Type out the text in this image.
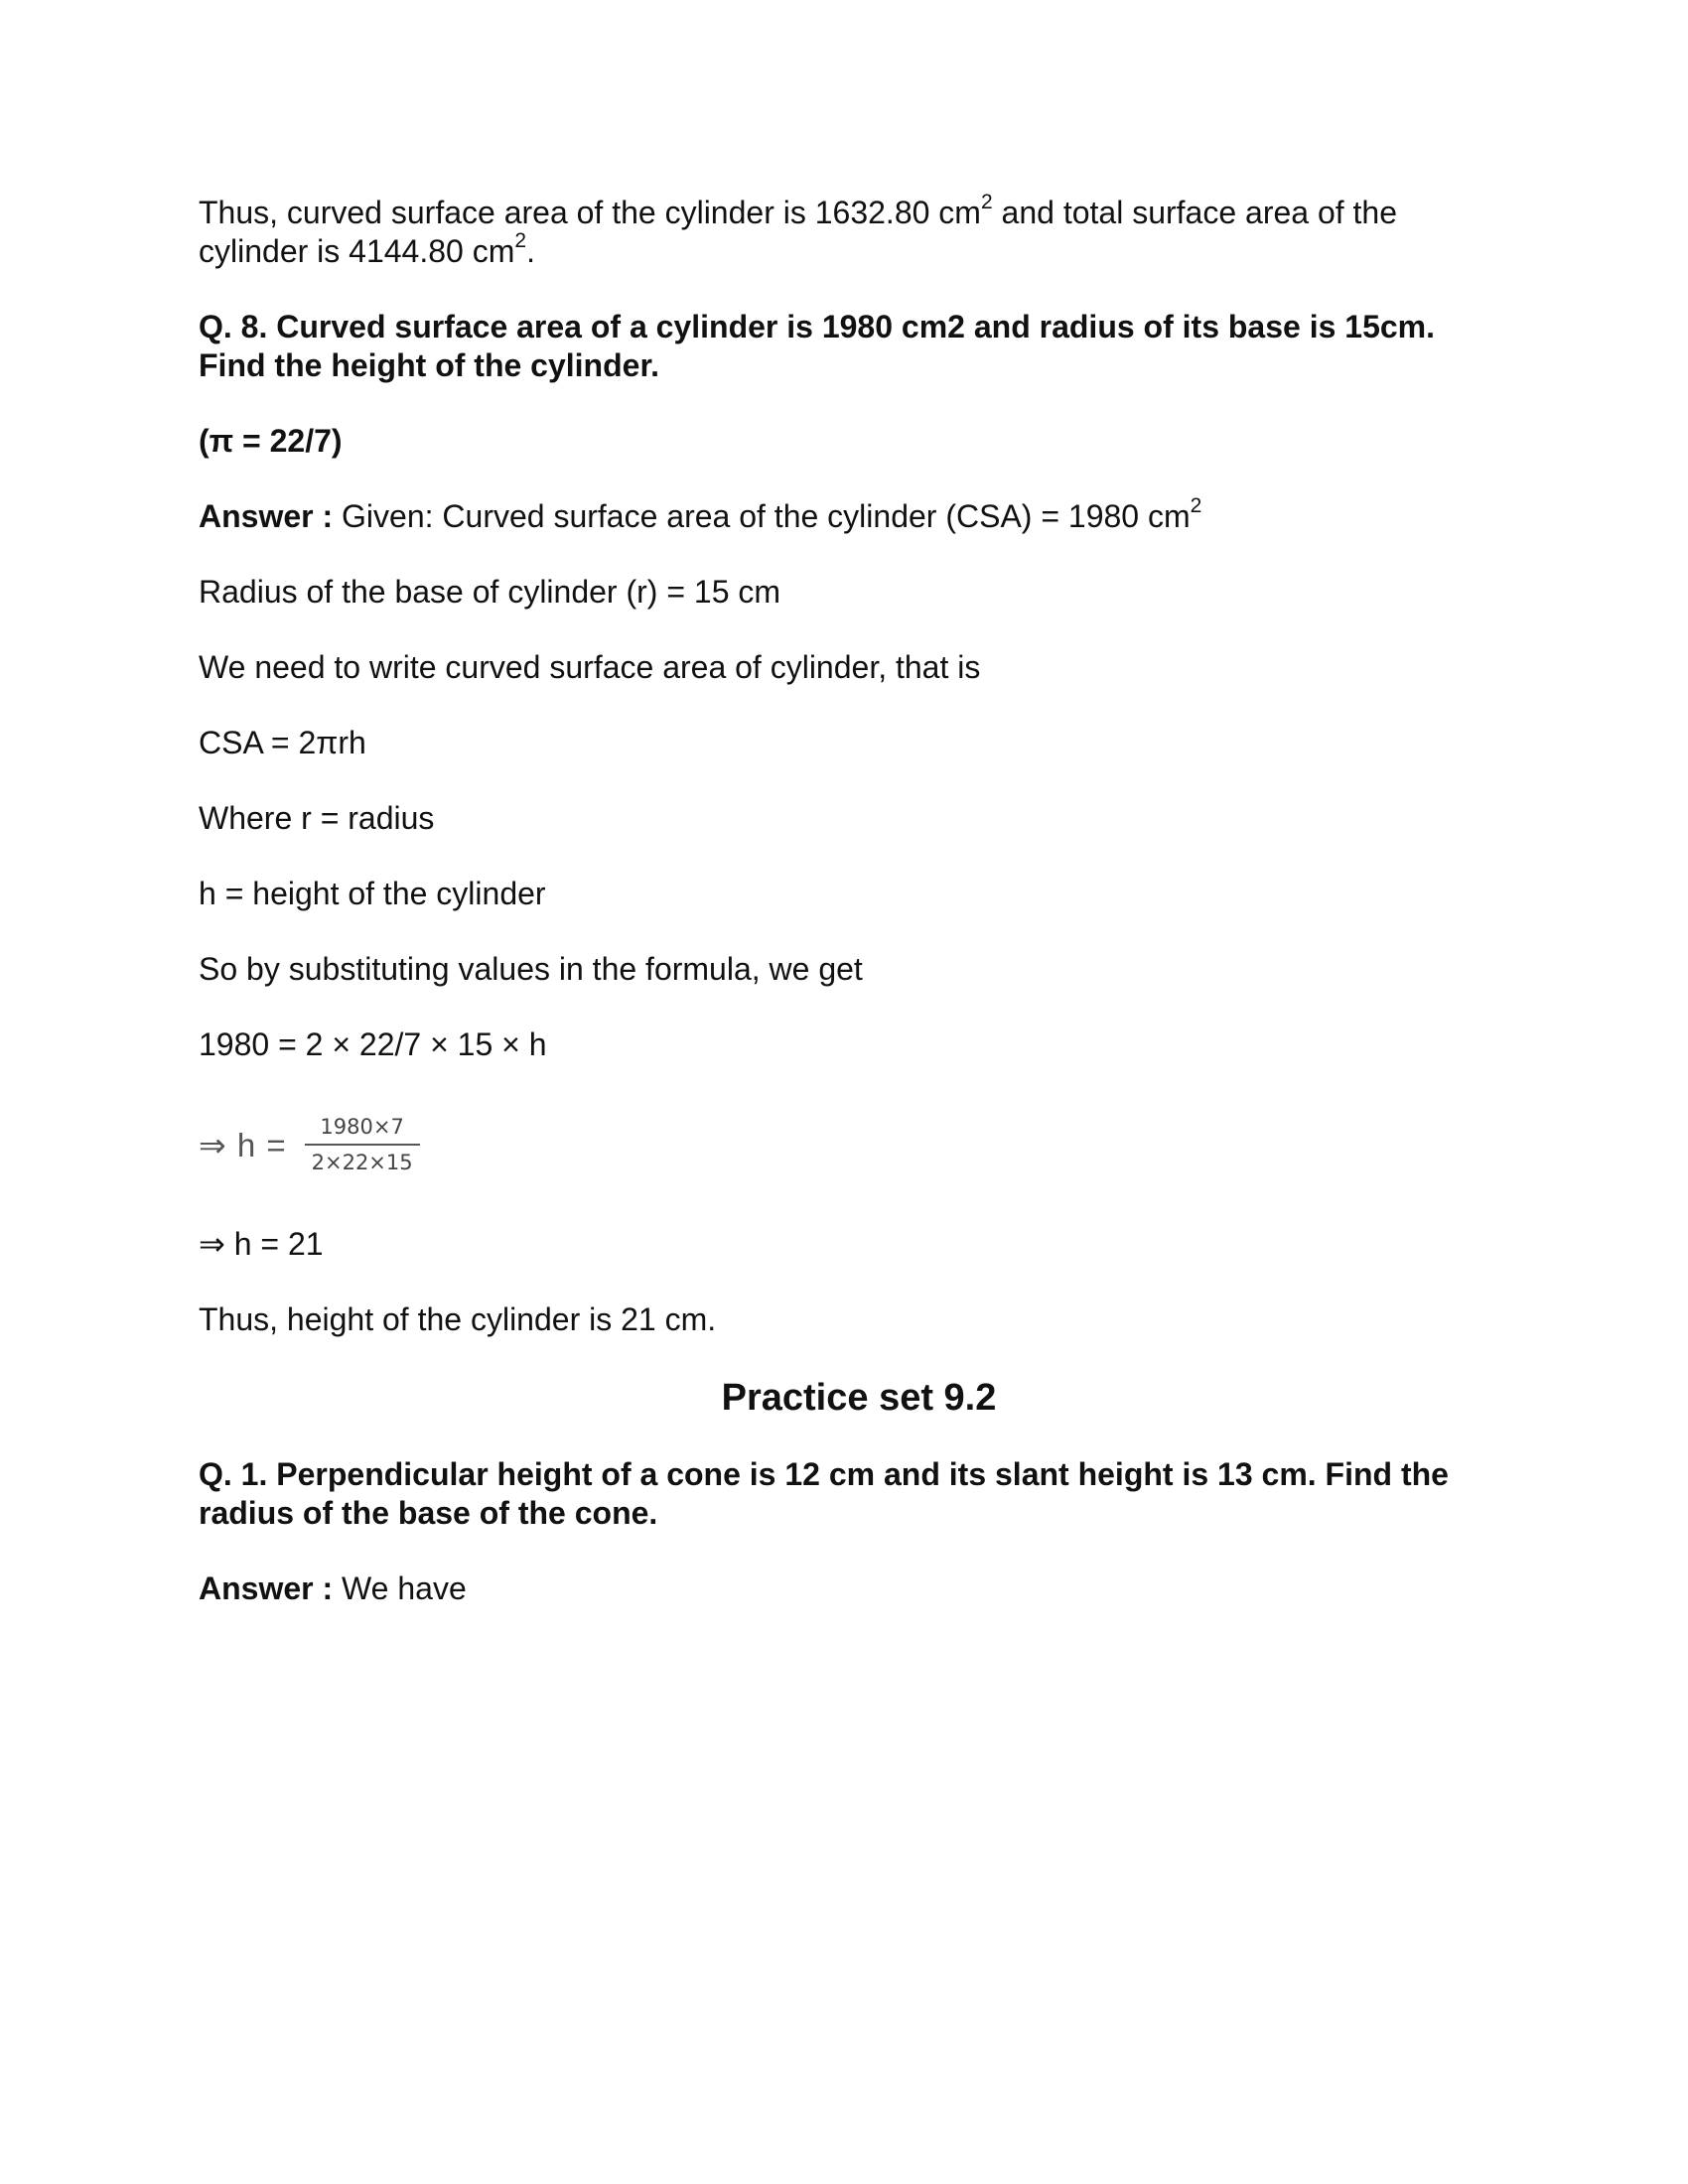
Thus, curved surface area of the cylinder is 1632.80 $cm^2$ and total surface area of the cylinder is 4144.80 $cm^2$.

Q. 8. Curved surface area of a cylinder is 1980 cm2 and radius of its base is 15cm. Find the height of the cylinder.

(π = 22/7)

Answer : Given: Curved surface area of the cylinder (CSA) = 1980 $cm^2$

Radius of the base of cylinder (r) = 15 cm

We need to write curved surface area of cylinder, that is

CSA = 2πrh

Where r = radius

h = height of the cylinder

So by substituting values in the formula, we get

1980 = 2 × 22/7 × 15 × h

⇒ $h = \frac{1980\times 7}{2\times 22\times 15}$

⇒ h = 21

Thus, height of the cylinder is 21 cm.

Practice set 9.2

Q. 1. Perpendicular height of a cone is 12 cm and its slant height is 13 cm. Find the radius of the base of the cone.

Answer : We have
